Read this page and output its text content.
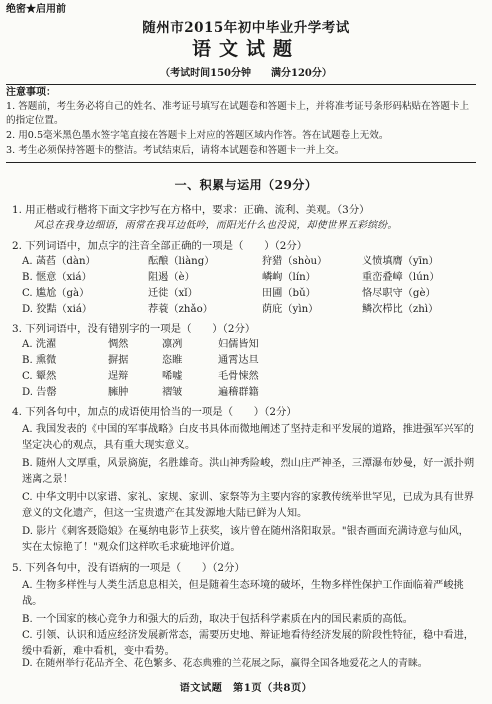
绝密★启用前
随州市2015年初中毕业升学考试
语文试题
（考试时间150分钟　　满分120分）
注意事项：
1. 答题前，考生务必将自己的姓名、准考证号填写在试题卷和答题卡上，并将准考证号条形码粘贴在答题卡上的指定位置。
2. 用0.5毫米黑色墨水签字笔直接在答题卡上对应的答题区域内作答。答在试题卷上无效。
3. 考生必须保持答题卡的整洁。考试结束后，请将本试题卷和答题卡一并上交。
一、积累与运用（29分）
1. 用正楷或行楷将下面文字抄写在方格中，要求：正确、流利、美观。（3分）
风总在我身边细语，雨常在我耳边低吟，而阳光什么也没说，却使世界五彩缤纷。
2. 下列词语中，加点字的注音全部正确的一项是（　　）（2分）
A. 菡萏（dàn）	酝酿（liàng）	狩猎（shòu）	义愤填膺（yīn）
B. 惬意（xiá）	阻遏（è）	嶙峋（lín）	重峦叠嶂（lún）
C. 尴尬（gà）	迁徙（xǐ）	田圃（bǔ）	恪尽职守（gè）
D. 狡黠（xiá）	荐蓑（zhǎo）	荫庇（yìn）	鳞次栉比（zhì）
3. 下列词语中，没有错别字的一项是（　　）（2分）
A. 洗濯	惆然	凛冽	妇儒皆知
B. 熏微	摒据	恣睢	通霄达旦
C. 颦然	逞辩	唏嘘	毛骨悚然
D. 告罄	臃肿	褶皱	遍稽群籍
4. 下列各句中，加点的成语使用恰当的一项是（　　）（2分）
A. 我国发表的《中国的军事战略》白皮书具体而微地阐述了坚持走和平发展的道路，推进强军兴军的坚定决心的观点，具有重大现实意义。
B. 随州人文厚重，风景旖旎，名胜雄奇。洪山神秀险峻，烈山庄严神圣，三潭瀑布妙曼，好一派扑朔迷离之景！
C. 中华文明中以家谱、家礼、家规、家训、家祭等为主要内容的家教传统举世罕见，已成为具有世界意义的文化遗产，但这一宝贵遗产在其发源地大陆已鲜为人知。
D. 影片《刺客聂隐娘》在戛纳电影节上获奖，该片曾在随州洛阳取景。"银杏画面充满诗意与仙风，实在太惊艳了！"观众们这样吹毛求疵地评价道。
5. 下列各句中，没有语病的一项是（　　）（2分）
A. 生物多样性与人类生活息息相关，但是随着生态环境的破坏，生物多样性保护工作面临着严峻挑战。
B. 一个国家的核心竞争力和强大的后劲，取决于包括科学素质在内的国民素质的高低。
C. 引领、认识和适应经济发展新常态，需要历史地、辩证地看待经济发展的阶段性特征，稳中看进，缓中看新，难中看机，变中看势。
D. 在随州举行花品齐全、花色繁多、花态典雅的兰花展之际，赢得全国各地爱花之人的青睐。
语文试题　第1页（共8页）
